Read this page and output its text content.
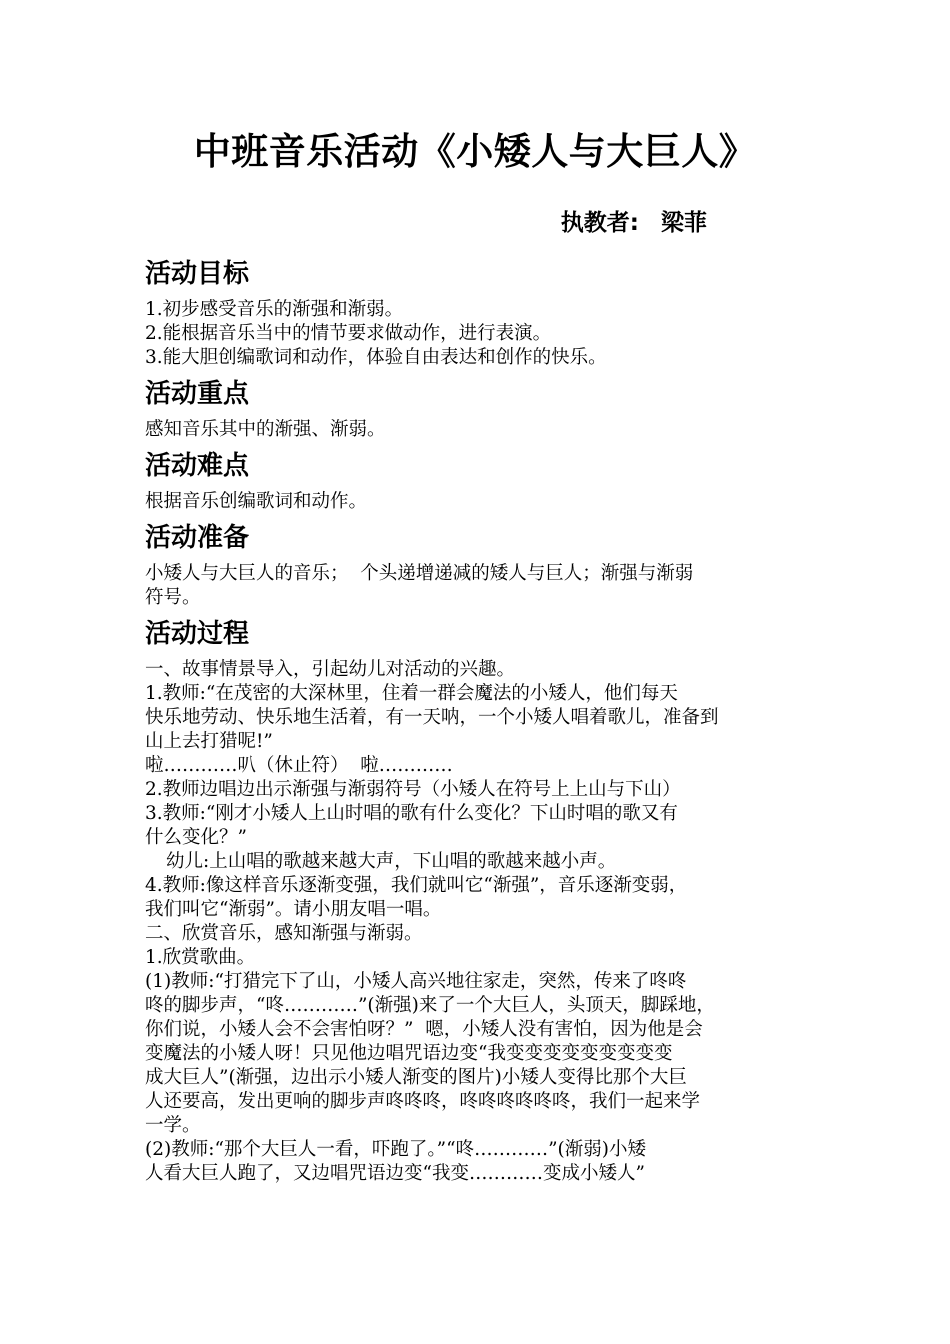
中班音乐活动《小矮人与大巨人》
执教者: 梁菲
活动目标

1.初步感受音乐的渐强和渐弱。

2.能根据音乐当中的情节要求做动作，进行表演。

3.能大胆创编歌词和动作，体验自由表达和创作的快乐。

活动重点

感知音乐其中的渐强、渐弱。

活动难点

根据音乐创编歌词和动作。

活动准备

小矮人与大巨人的音乐；  个头递增递减的矮人与巨人；渐强与渐弱

符号。

活动过程

一、故事情景导入，引起幼儿对活动的兴趣。

1.教师:“在茂密的大深林里，住着一群会魔法的小矮人，他们每天

快乐地劳动、快乐地生活着，有一天呐，一个小矮人唱着歌儿，准备到

山上去打猎呢!”

啦…………叭（休止符）  啦…………

2.教师边唱边出示渐强与渐弱符号（小矮人在符号上上山与下山）

3.教师:“刚才小矮人上山时唱的歌有什么变化？下山时唱的歌又有

什么变化？”

幼儿:上山唱的歌越来越大声，下山唱的歌越来越小声。

4.教师:像这样音乐逐渐变强，我们就叫它“渐强”，音乐逐渐变弱，

我们叫它“渐弱”。请小朋友唱一唱。

二、欣赏音乐，感知渐强与渐弱。

1.欣赏歌曲。

(1)教师:“打猎完下了山，小矮人高兴地往家走，突然，传来了咚咚

咚的脚步声，“咚…………”(渐强)来了一个大巨人，头顶天，脚踩地，

你们说，小矮人会不会害怕呀？”  嗯，小矮人没有害怕，因为他是会

变魔法的小矮人呀！只见他边唱咒语边变“我变变变变变变变变变

成大巨人”(渐强，边出示小矮人渐变的图片)小矮人变得比那个大巨

人还要高，发出更响的脚步声咚咚咚，咚咚咚咚咚咚，我们一起来学

一学。

(2)教师:“那个大巨人一看，吓跑了。”“咚…………”(渐弱)小矮

人看大巨人跑了，又边唱咒语边变“我变…………变成小矮人”
